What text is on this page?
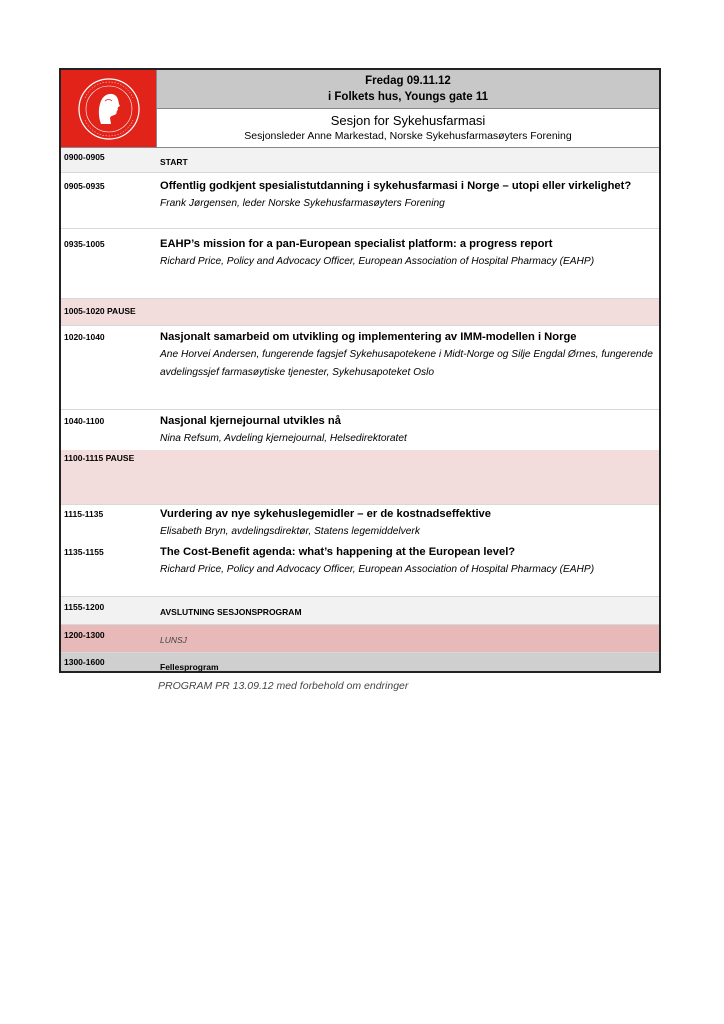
Fredag 09.11.12
i Folkets hus, Youngs gate 11
Sesjon for Sykehusfarmasi
Sesjonsleder Anne Markestad, Norske Sykehusfarmasøyters Forening
0900-0905	START
0905-0935	Offentlig godkjent spesialistutdanning i sykehusfarmasi i Norge – utopi eller virkelighet?
Frank Jørgensen, leder Norske Sykehusfarmasøyters Forening
0935-1005	EAHP’s mission for a pan-European specialist platform: a progress report
Richard Price, Policy and Advocacy Officer, European Association of Hospital Pharmacy (EAHP)
1005-1020 PAUSE
1020-1040	Nasjonalt samarbeid om utvikling og implementering av IMM-modellen i Norge
Ane Horvei Andersen, fungerende fagsjef Sykehusapotekene i Midt-Norge og Silje Engdal Ørnes, fungerende avdelingssjef farmasøytiske tjenester, Sykehusapoteket Oslo
1040-1100	Nasjonal kjernejournal utvikles nå
Nina Refsum, Avdeling kjernejournal, Helsedirektoratet
1100-1115 PAUSE
1115-1135	Vurdering av nye sykehuslegemidler – er de kostnadseffektive
Elisabeth Bryn, avdelingsdirektør, Statens legemiddelverk
1135-1155	The Cost-Benefit agenda: what’s happening at the European level?
Richard Price, Policy and Advocacy Officer, European Association of Hospital Pharmacy (EAHP)
1155-1200	AVSLUTNING SESJONSPROGRAM
1200-1300	LUNSJ
1300-1600	Fellesprogram
PROGRAM PR 13.09.12 med forbehold om endringer
